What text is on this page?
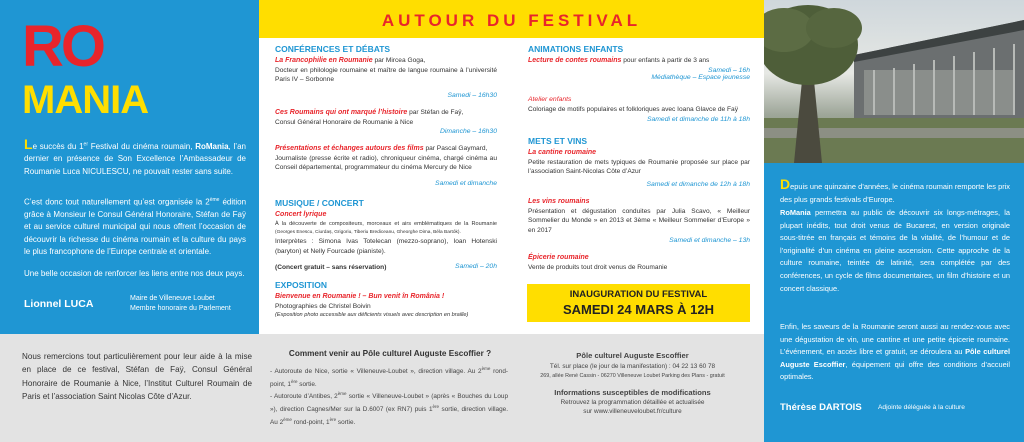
RO
MANIA
Le succès du 1er Festival du cinéma roumain, RoMania, l’an dernier en présence de Son Excellence l’Ambassadeur de Roumanie Luca NICULESCU, ne pouvait rester sans suite.
C’est donc tout naturellement qu’est organisée la 2ème édition grâce à Monsieur le Consul Général Honoraire, Stéfan de Faÿ et au service culturel municipal qui nous offrent l’occasion de découvrir la richesse du cinéma roumain et la culture du pays le plus francophone de l’Europe centrale et orientale.
Une belle occasion de renforcer les liens entre nos deux pays.
Lionnel LUCA	Maire de Villeneuve Loubet
Membre honoraire du Parlement
AUTOUR DU FESTIVAL
CONFÉRENCES ET DÉBATS
La Francophilie en Roumanie par Mircea Goga,
Docteur en philologie roumaine et maître de langue roumaine à l’université Paris IV – Sorbonne
Samedi – 16h30
Ces Roumains qui ont marqué l’histoire par Stéfan de Faÿ,
Consul Général Honoraire de Roumanie à Nice
Dimanche – 16h30
Présentations et échanges autours des films par Pascal Gaymard,
Journaliste (presse écrite et radio), chroniqueur cinéma, chargé cinéma au Conseil départemental, programmateur du cinéma Mercury de Nice
Samedi et dimanche
MUSIQUE / CONCERT
Concert lyrique
À la découverte de compositeurs, morceaux et airs emblématiques de la Roumanie (Georges Enescu, Ciurdaș, Grigoriu, Tiberiu Brediceanu, Gheorghe Dima, Béla Bartók).
Interprètes : Simona Ivas Totelecan (mezzo-soprano), Ioan Hotenski (baryton) et Nelly Fourcade (pianiste).
(Concert gratuit – sans réservation)	Samedi – 20h
EXPOSITION
Bienvenue en Roumanie ! – Bun venit în România !
Photographies de Christel Boivin
(Exposition photo accessible aux déficients visuels avec description en braille)
ANIMATIONS ENFANTS
Lecture de contes roumains pour enfants à partir de 3 ans
Samedi – 16h
Médiathèque – Espace jeunesse
Atelier enfants
Coloriage de motifs populaires et folkloriques avec Ioana Glavce de Faÿ
Samedi et dimanche de 11h à 18h
METS ET VINS
La cantine roumaine
Petite restauration de mets typiques de Roumanie proposée sur place par l’association Saint-Nicolas Côte d’Azur
Samedi et dimanche de 12h à 18h
Les vins roumains
Présentation et dégustation conduites par Julia Scavo, « Meilleur Sommelier du Monde » en 2013 et 3ème « Meilleur Sommelier d’Europe » en 2017
Samedi et dimanche – 13h
Épicerie roumaine
Vente de produits tout droit venus de Roumanie
INAUGURATION DU FESTIVAL
SAMEDI 24 MARS À 12H
Depuis une quinzaine d’années, le cinéma roumain remporte les prix des plus grands festivals d’Europe.
RoMania permettra au public de découvrir six longs-métrages, la plupart inédits, tout droit venus de Bucarest, en version originale sous-titrée en français et témoins de la vitalité, de l’humour et de l’originalité d’un cinéma en pleine ascension. Cette approche de la culture roumaine, teintée de latinité, sera complétée par des conférences, un cycle de films documentaires, un film d’histoire et un concert classique.
Enfin, les saveurs de la Roumanie seront aussi au rendez-vous avec une dégustation de vin, une cantine et une petite épicerie roumaine. L’événement, en accès libre et gratuit, se déroulera au Pôle culturel Auguste Escoffier, équipement qui offre des conditions d’accueil optimales.
Thérèse DARTOIS Adjointe déléguée à la culture
Nous remercions tout particulièrement pour leur aide à la mise en place de ce festival, Stéfan de Faÿ, Consul Général Honoraire de Roumanie à Nice, l’Institut Culturel Roumain de Paris et l’association Saint Nicolas Côte d’Azur.
Comment venir au Pôle culturel Auguste Escoffier ?
- Autoroute de Nice, sortie « Villeneuve-Loubet », direction village. Au 2ème rond-point, 1ère sortie.
- Autoroute d’Antibes, 2ème sortie « Villeneuve-Loubet » (après « Bouches du Loup »), direction Cagnes/Mer sur la D.6007 (ex RN7) puis 1ère sortie, direction village. Au 2ème rond-point, 1ère sortie.
Pôle culturel Auguste Escoffier
Tél. sur place (le jour de la manifestation) : 04 22 13 60 78
269, allée René Cassin - 06270 Villeneuve Loubet Parking des Plans - gratuit
Informations susceptibles de modifications
Retrouvez la programmation détaillée et actualisée
sur www.villeneuveloubet.fr/culture
